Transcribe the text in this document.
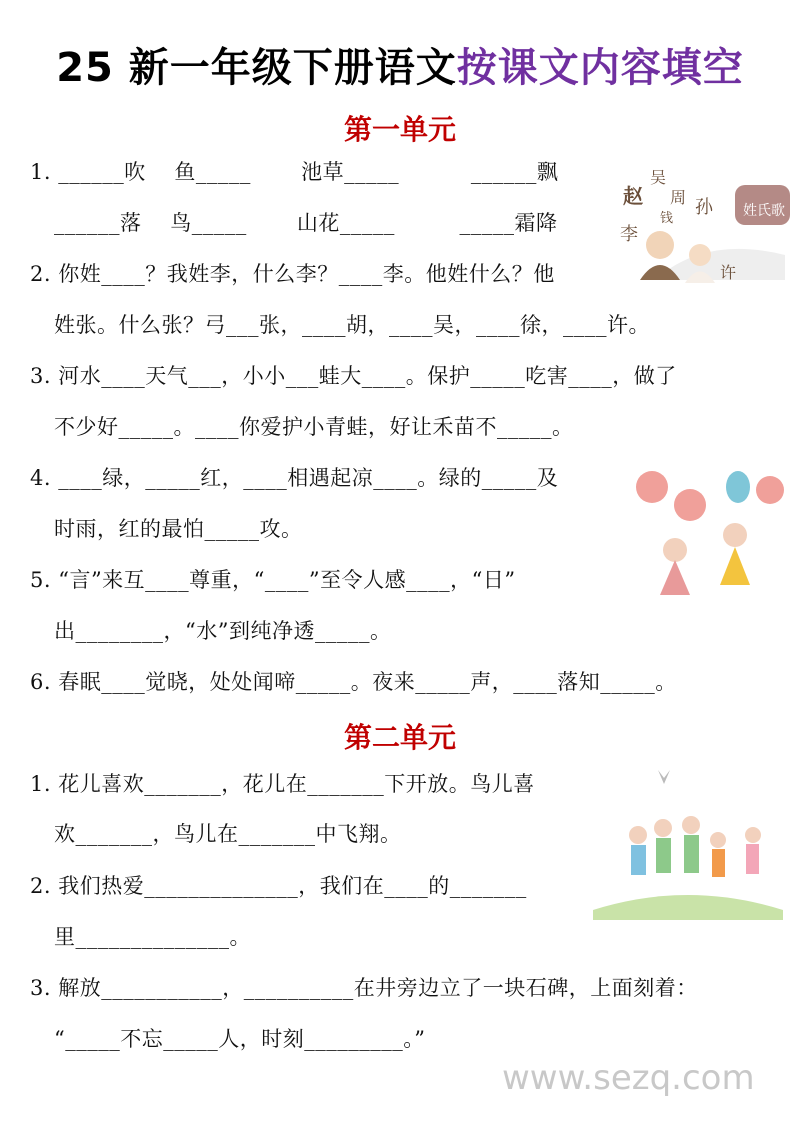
25 新一年级下册语文按课文内容填空
第一单元
1. ______吹    鱼_____       池草_____          ______飘
______落    鸟_____       山花_____         _____霜降
2. 你姓____？我姓李，什么李？____李。他姓什么？他
姓张。什么张？弓___张，____胡，____吴，____徐，____许。
3. 河水____天气___，小小___蛙大____。保护_____吃害____，做了
不少好_____。____你爱护小青蛙，好让禾苗不_____。
4. ____绿，_____红，____相遇起凉____。绿的_____及
时雨，红的最怕_____攻。
5. “言”来互____尊重，“____”至令人感____，“日”
出________，“水”到纯净透_____。
6. 春眠____觉晓，处处闻啼_____。夜来_____声，____落知_____。
第二单元
1. 花儿喜欢_______，花儿在_______下开放。鸟儿喜
欢_______，鸟儿在_______中飞翔。
2. 我们热爱______________，我们在____的_______
里______________。
3. 解放___________，__________在井旁边立了一块石碑，上面刻着：
“_____不忘_____人，时刻_________。”
赵
吴
周 孙
钱
李
许
姓氏歌
www.sezq.com
